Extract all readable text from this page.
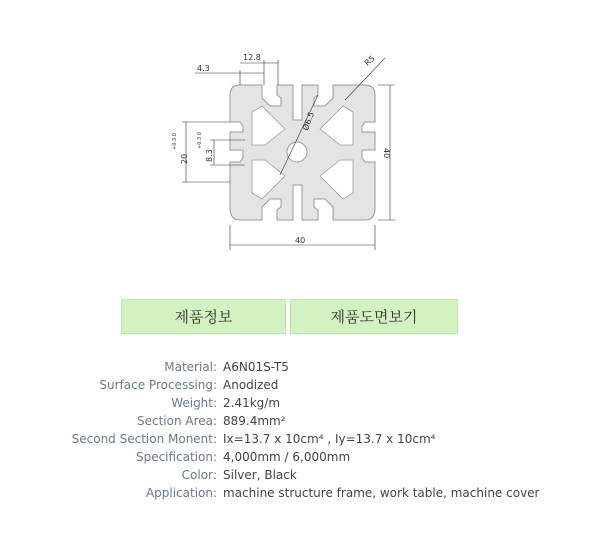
12.8
4.3
R5
Ø6.5
40
40
20
+0.3 0
8.3
+0.3 0
제품정보	제품도면보기
Material : A6N01S-T5
Surface Processing : Anodized
Weight : 2.41kg/m
Section Area : 889.4mm²
Second Section Monent : Ix=13.7 x 10cm⁴ , Iy=13.7 x 10cm⁴
Specification : 4,000mm / 6,000mm
Color : Silver, Black
Application : machine structure frame, work table, machine cover
